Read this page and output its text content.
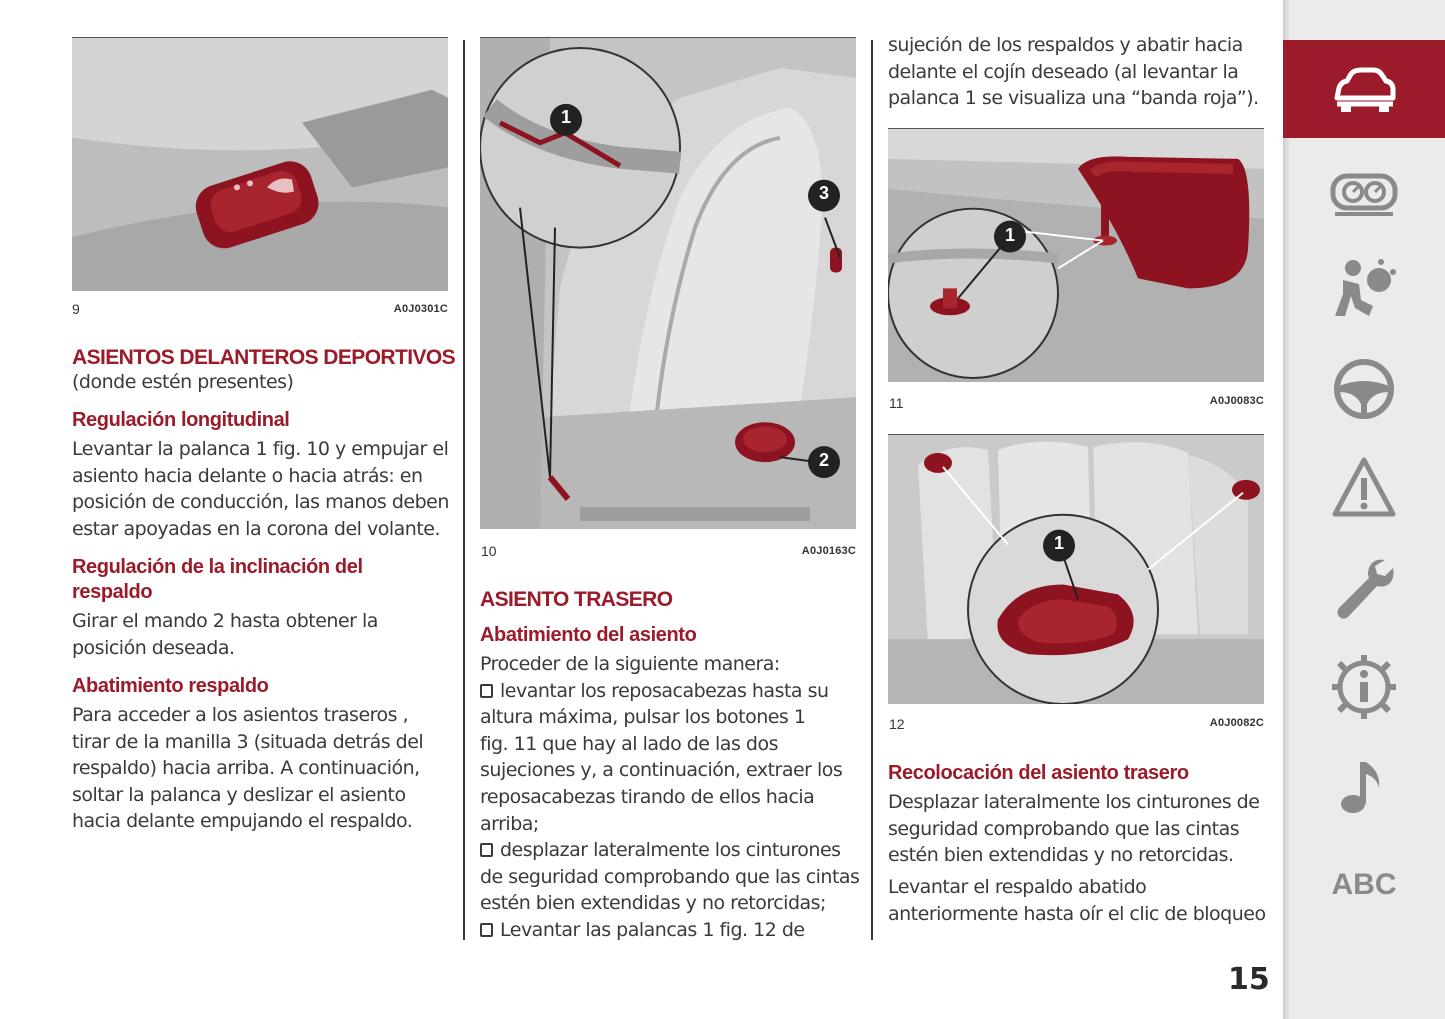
9	A0J0301C
ASIENTOS DELANTEROS DEPORTIVOS
(donde estén presentes)
Regulación longitudinal
Levantar la palanca 1 fig. 10 y empujar el
asiento hacia delante o hacia atrás: en
posición de conducción, las manos deben
estar apoyadas en la corona del volante.
Regulación de la inclinación del
respaldo
Girar el mando 2 hasta obtener la
posición deseada.
Abatimiento respaldo
Para acceder a los asientos traseros ,
tirar de la manilla 3 (situada detrás del
respaldo) hacia arriba. A continuación,
soltar la palanca y deslizar el asiento
hacia delante empujando el respaldo.
1
3
2
10	A0J0163C
ASIENTO TRASERO
Abatimiento del asiento
Proceder de la siguiente manera:
levantar los reposacabezas hasta su
altura máxima, pulsar los botones 1
fig. 11 que hay al lado de las dos
sujeciones y, a continuación, extraer los
reposacabezas tirando de ellos hacia
arriba;
desplazar lateralmente los cinturones
de seguridad comprobando que las cintas
estén bien extendidas y no retorcidas;
Levantar las palancas 1 fig. 12 de
sujeción de los respaldos y abatir hacia
delante el cojín deseado (al levantar la
palanca 1 se visualiza una “banda roja”).
1
11	A0J0083C
1
12	A0J0082C
Recolocación del asiento trasero
Desplazar lateralmente los cinturones de
seguridad comprobando que las cintas
estén bien extendidas y no retorcidas.
Levantar el respaldo abatido
anteriormente hasta oír el clic de bloqueo
15
ABC
